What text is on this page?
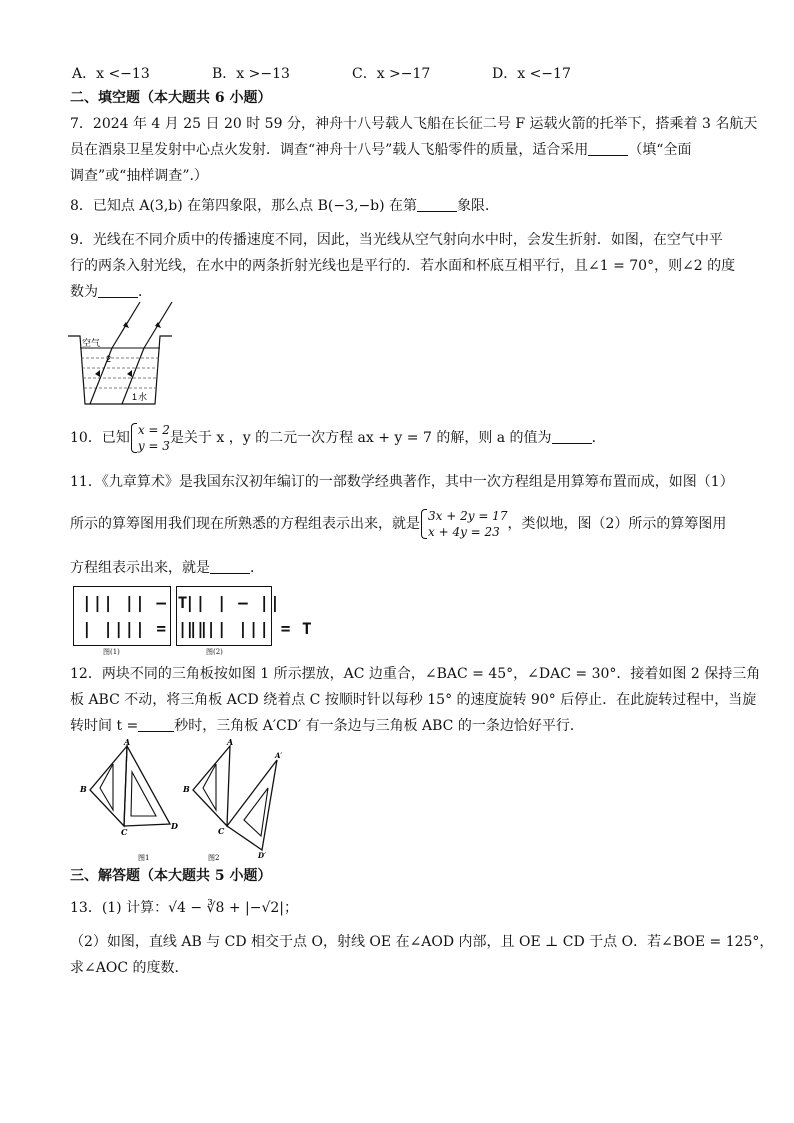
A．x <−13	B．x >−13	C．x >−17	D．x <−17
二、填空题（本大题共 6 小题）
7．2024 年 4 月 25 日 20 时 59 分，神舟十八号载人飞船在长征二号 F 运载火箭的托举下，搭乘着 3 名航天
员在酒泉卫星发射中心点火发射．调查“神舟十八号”载人飞船零件的质量，适合采用	（填“全面
调查”或“抽样调查”.）
8．已知点 A(3,b) 在第四象限，那么点 B(−3,−b) 在第	象限．
9．光线在不同介质中的传播速度不同，因此，当光线从空气射向水中时，会发生折射．如图，在空气中平
行的两条入射光线，在水中的两条折射光线也是平行的．若水面和杯底互相平行，且∠1 = 70°，则∠2 的度
数为	．
空气
2
1 水
10．已知 x = 2
y = 3 是关于 x ，y 的二元一次方程 ax + y = 7 的解，则 a 的值为	．
11．《九章算术》是我国东汉初年编订的一部数学经典著作，其中一次方程组是用算筹布置而成，如图（1）
所示的算筹图用我们现在所熟悉的方程组表示出来，就是 3x + 2y = 17
x + 4y = 23 ，类似地，图（2）所示的算筹图用
方程组表示出来，就是	．
||| || — T
| |||| = |||
图(1)
|| | — ||
|||| ||| = T
图(2)
12．两块不同的三角板按如图 1 所示摆放，AC 边重合，∠BAC = 45°，∠DAC = 30°．接着如图 2 保持三角
板 ABC 不动，将三角板 ACD 绕着点 C 按顺时针以每秒 15° 的速度旋转 90° 后停止．在此旋转过程中，当旋
转时间 t =	秒时，三角板 A′CD′ 有一条边与三角板 ABC 的一条边恰好平行．
A
B
C
D
图1
A
B
C
A′
D′
图2
三、解答题（本大题共 5 小题）
13．(1) 计算：√4 − ∛8 + |−√2|；
（2）如图，直线 AB 与 CD 相交于点 O，射线 OE 在∠AOD 内部，且 OE ⊥ CD 于点 O．若∠BOE = 125°，
求∠AOC 的度数．
